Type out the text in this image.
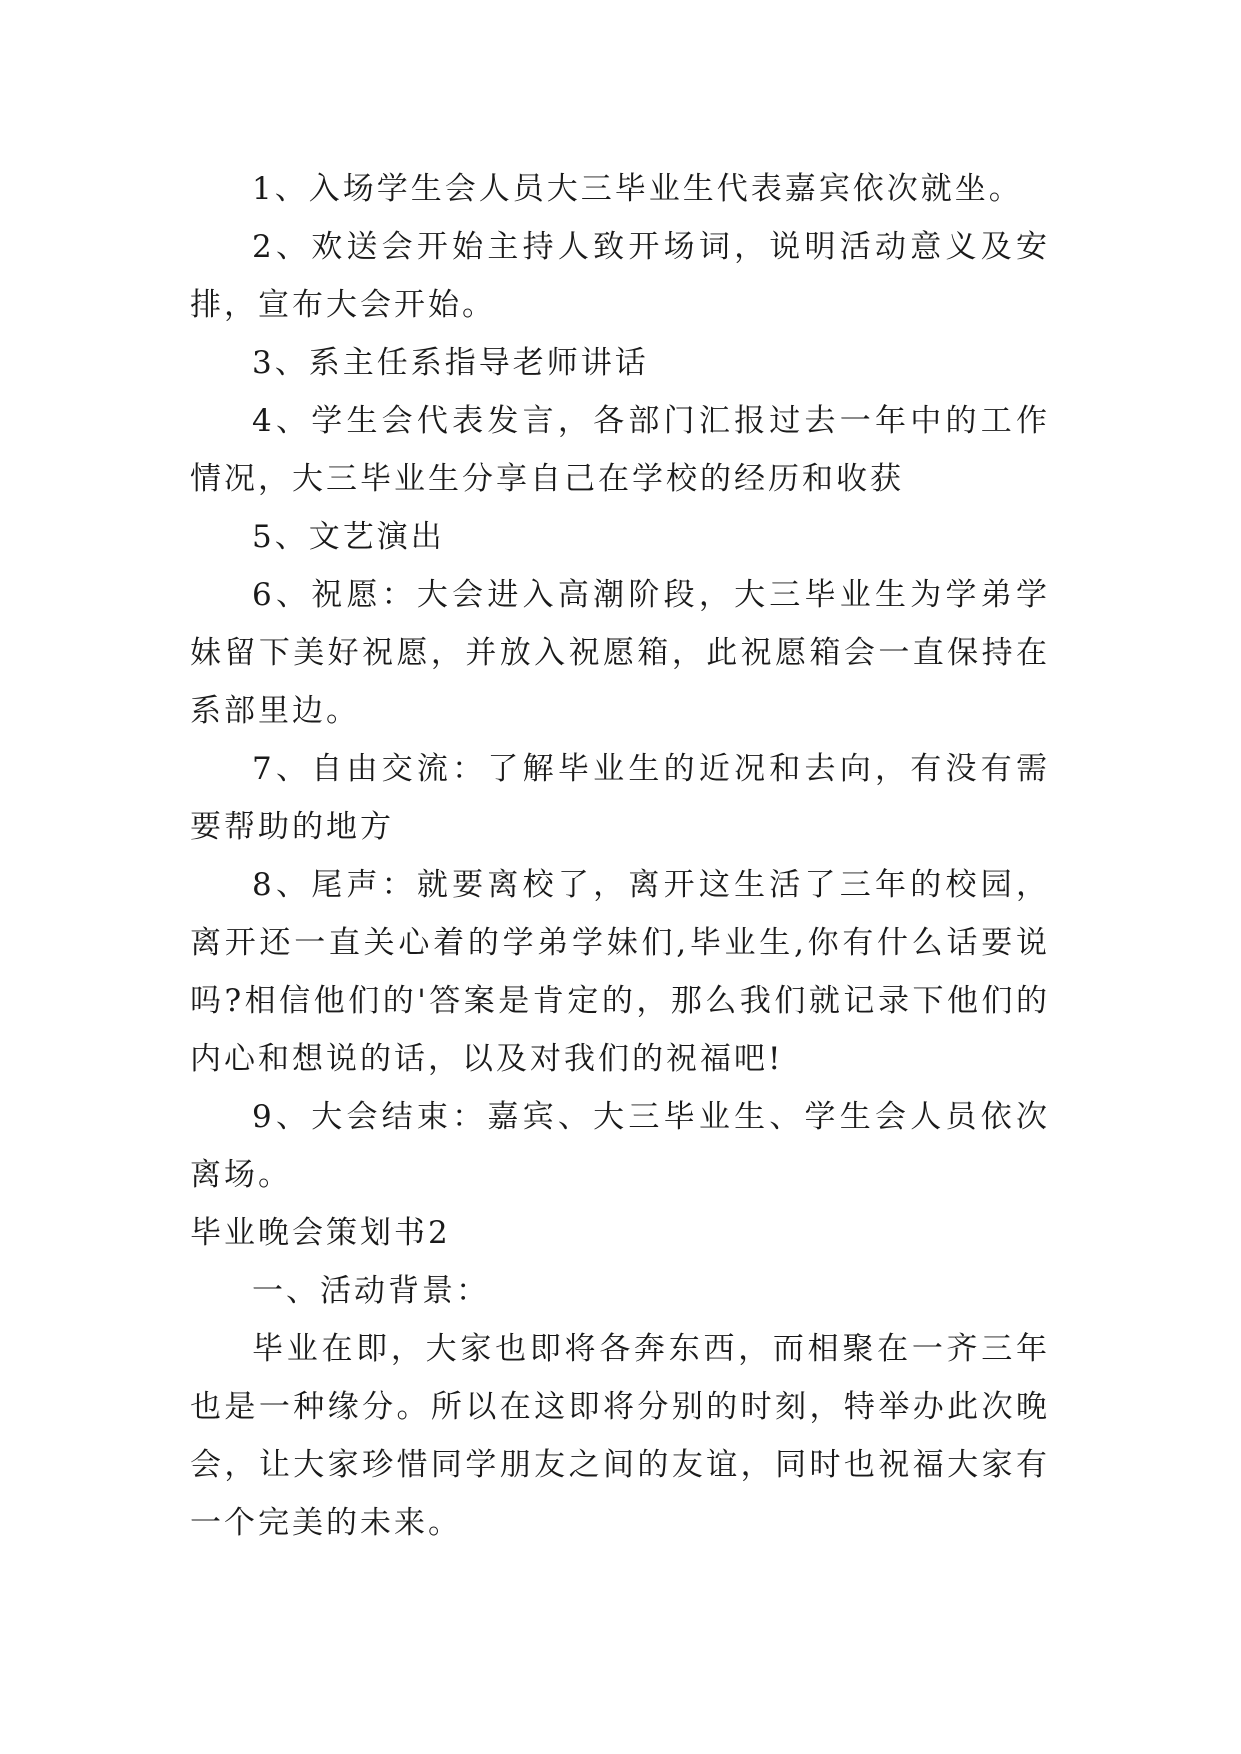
1、入场学生会人员大三毕业生代表嘉宾依次就坐。

2、欢送会开始主持人致开场词，说明活动意义及安排，宣布大会开始。

3、系主任系指导老师讲话

4、学生会代表发言，各部门汇报过去一年中的工作情况，大三毕业生分享自己在学校的经历和收获

5、文艺演出

6、祝愿：大会进入高潮阶段，大三毕业生为学弟学妹留下美好祝愿，并放入祝愿箱，此祝愿箱会一直保持在系部里边。

7、自由交流：了解毕业生的近况和去向，有没有需要帮助的地方

8、尾声：就要离校了，离开这生活了三年的校园，离开还一直关心着的学弟学妹们,毕业生,你有什么话要说吗?相信他们的'答案是肯定的，那么我们就记录下他们的内心和想说的话，以及对我们的祝福吧!

9、大会结束：嘉宾、大三毕业生、学生会人员依次离场。

毕业晚会策划书2

一、活动背景：

毕业在即，大家也即将各奔东西，而相聚在一齐三年也是一种缘分。所以在这即将分别的时刻，特举办此次晚会，让大家珍惜同学朋友之间的友谊，同时也祝福大家有一个完美的未来。
